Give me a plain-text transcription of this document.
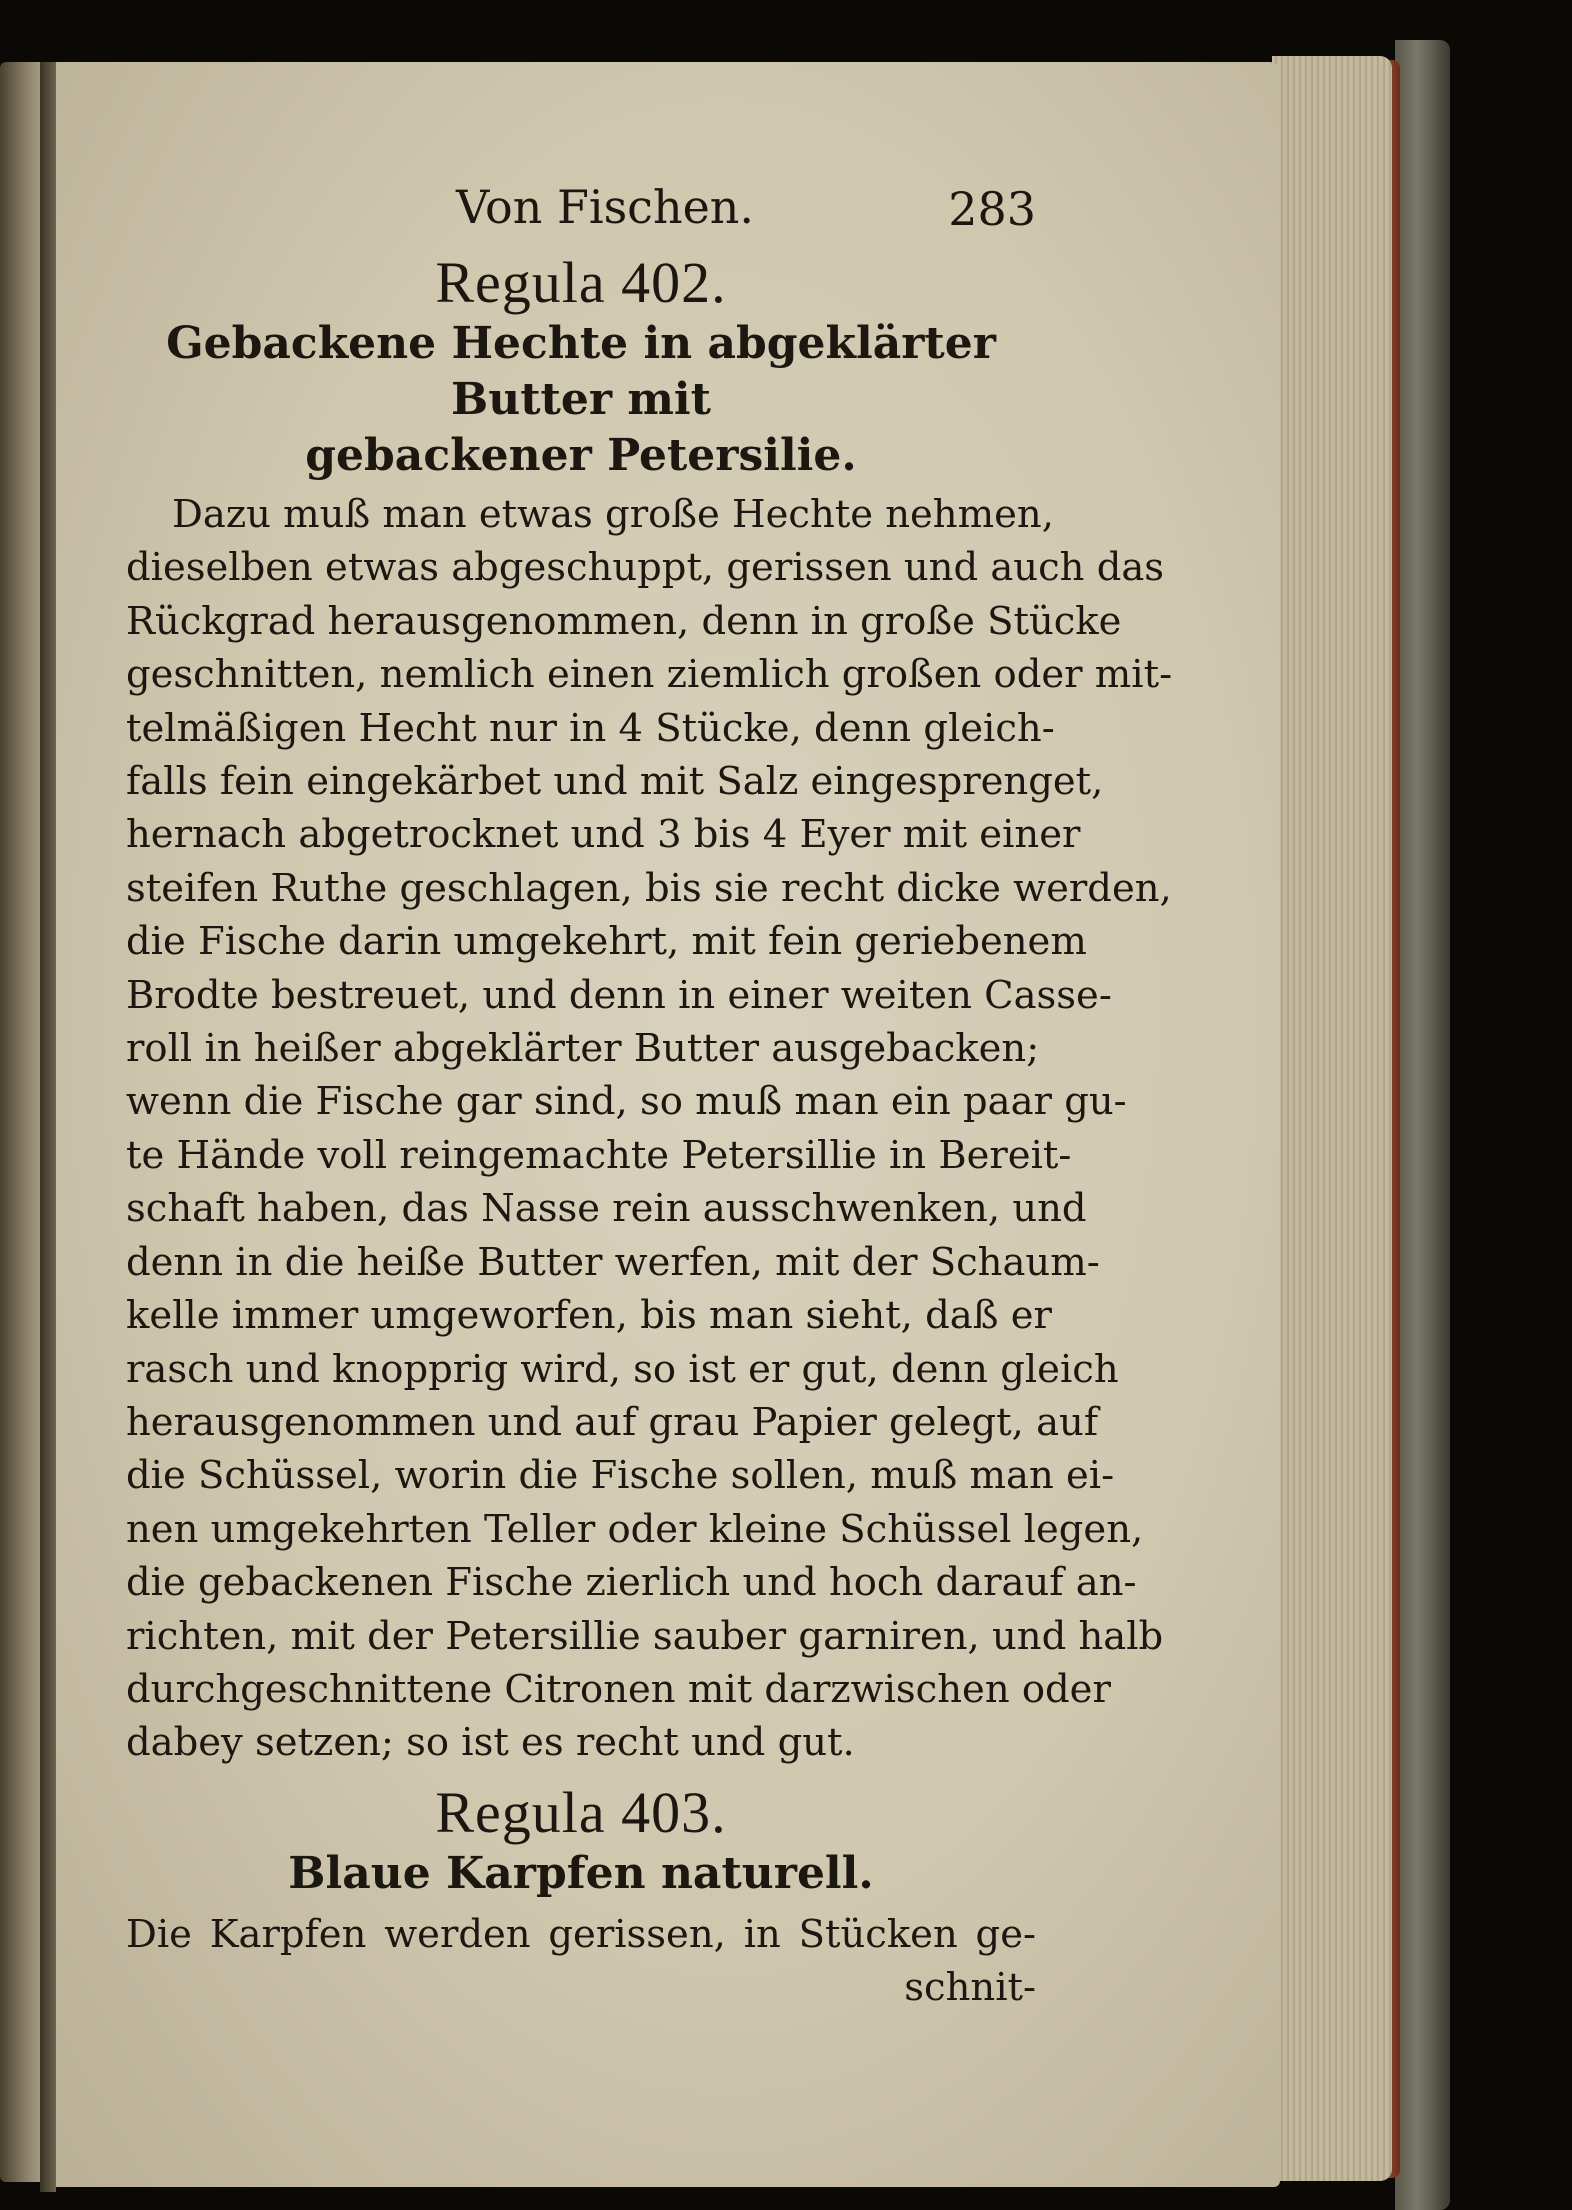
Von Fischen.	283

Regula 402.

Gebackene Hechte in abgeklärter Butter mit

gebackener Petersilie.

Dazu muß man etwas große Hechte nehmen,
dieselben etwas abgeschuppt, gerissen und auch das
Rückgrad herausgenommen, denn in große Stücke
geschnitten, nemlich einen ziemlich großen oder mit-
telmäßigen Hecht nur in 4 Stücke, denn gleich-
falls fein eingekärbet und mit Salz eingesprenget,
hernach abgetrocknet und 3 bis 4 Eyer mit einer
steifen Ruthe geschlagen, bis sie recht dicke werden,
die Fische darin umgekehrt, mit fein geriebenem
Brodte bestreuet, und denn in einer weiten Casse-
roll in heißer abgeklärter Butter ausgebacken;
wenn die Fische gar sind, so muß man ein paar gu-
te Hände voll reingemachte Petersillie in Bereit-
schaft haben, das Nasse rein ausschwenken, und
denn in die heiße Butter werfen, mit der Schaum-
kelle immer umgeworfen, bis man sieht, daß er
rasch und knopprig wird, so ist er gut, denn gleich
herausgenommen und auf grau Papier gelegt, auf
die Schüssel, worin die Fische sollen, muß man ei-
nen umgekehrten Teller oder kleine Schüssel legen,
die gebackenen Fische zierlich und hoch darauf an-
richten, mit der Petersillie sauber garniren, und halb
durchgeschnittene Citronen mit darzwischen oder
dabey setzen; so ist es recht und gut.

Regula 403.

Blaue Karpfen naturell.

Die Karpfen werden gerissen, in Stücken ge-
schnit-
